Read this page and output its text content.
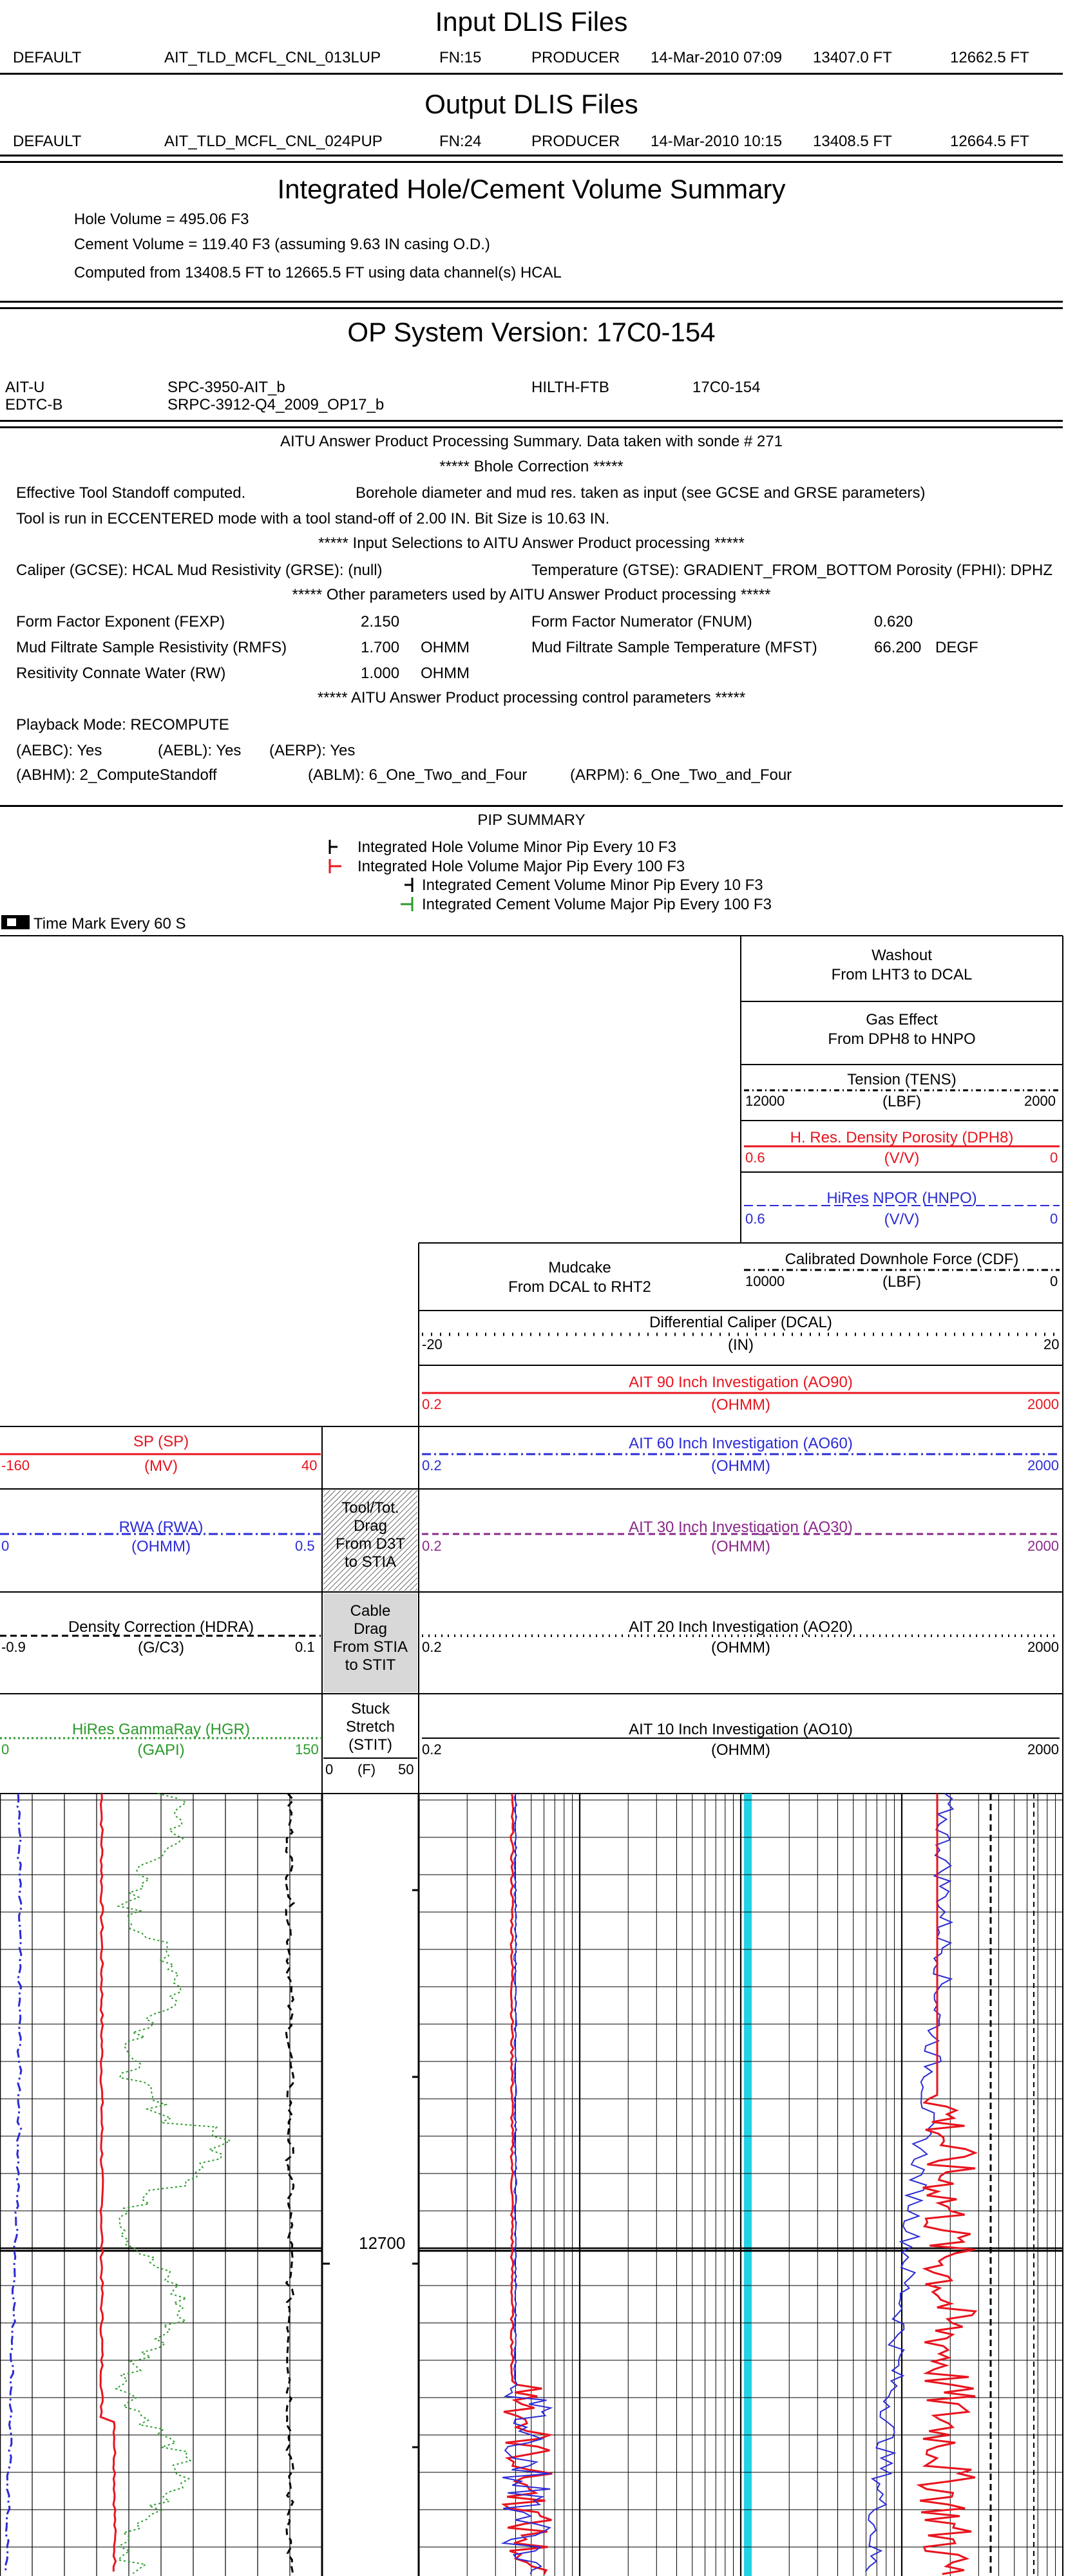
Input DLIS Files
DEFAULT	AIT_TLD_MCFL_CNL_013LUP	FN:15	PRODUCER 14-Mar-2010 07:09 13407.0 FT	12662.5 FT
Output DLIS Files
DEFAULT	AIT_TLD_MCFL_CNL_024PUP	FN:24	PRODUCER 14-Mar-2010 10:15 13408.5 FT	12664.5 FT
Integrated Hole/Cement Volume Summary
Hole Volume = 495.06 F3
Cement Volume = 119.40 F3 (assuming 9.63 IN casing O.D.)
Computed from 13408.5 FT to 12665.5 FT using data channel(s) HCAL
OP System Version: 17C0-154
AIT-U	SPC-3950-AIT_b	HILTH-FTB	17C0-154
EDTC-B	SRPC-3912-Q4_2009_OP17_b
AITU Answer Product Processing Summary. Data taken with sonde # 271
***** Bhole Correction *****
Effective Tool Standoff computed.	Borehole diameter and mud res. taken as input (see GCSE and GRSE parameters)
Tool is run in ECCENTERED mode with a tool stand-off of 2.00 IN. Bit Size is 10.63 IN.
***** Input Selections to AITU Answer Product processing *****
Caliper (GCSE): HCAL Mud Resistivity (GRSE): (null)	Temperature (GTSE): GRADIENT_FROM_BOTTOM Porosity (FPHI): DPHZ
***** Other parameters used by AITU Answer Product processing *****
Form Factor Exponent (FEXP)	2.150	Form Factor Numerator (FNUM)	0.620
Mud Filtrate Sample Resistivity (RMFS)	1.700 OHMM	Mud Filtrate Sample Temperature (MFST)	66.200 DEGF
Resitivity Connate Water (RW)	1.000 OHMM
***** AITU Answer Product processing control parameters *****
Playback Mode: RECOMPUTE
(AEBC): Yes	(AEBL): Yes (AERP): Yes
(ABHM): 2_ComputeStandoff	(ABLM): 6_One_Two_and_Four	(ARPM): 6_One_Two_and_Four
PIP SUMMARY
Integrated Hole Volume Minor Pip Every 10 F3
Integrated Hole Volume Major Pip Every 100 F3
Integrated Cement Volume Minor Pip Every 10 F3
Integrated Cement Volume Major Pip Every 100 F3
Time Mark Every 60 S
Washout
From LHT3 to DCAL
Gas Effect
From DPH8 to HNPO
Tension (TENS)
(LBF)
12000	2000
H. Res. Density Porosity (DPH8)
(V/V)
0.6	0
HiRes NPOR (HNPO)
(V/V)
0.6	0
Mudcake
From DCAL to RHT2
Calibrated Downhole Force (CDF)
(LBF)
10000	0
Differential Caliper (DCAL)
(IN)
-20	20
AIT 90 Inch Investigation (AO90)
(OHMM)
0.2	2000
AIT 60 Inch Investigation (AO60)
(OHMM)
0.2	2000
AIT 30 Inch Investigation (AO30)
(OHMM)
0.2	2000
AIT 20 Inch Investigation (AO20)
(OHMM)
0.2	2000
AIT 10 Inch Investigation (AO10)
(OHMM)
0.2	2000
SP (SP)
(MV)
-160	40
RWA (RWA)
(OHMM)
0	0.5
Density Correction (HDRA)
(G/C3)
-0.9	0.1
HiRes GammaRay (HGR)
(GAPI)
0	150
Tool/Tot.
Drag
From D3T
to STIA
Cable
Drag
From STIA
to STIT
Stuck
Stretch
(STIT)
0 (F) 50
12700
